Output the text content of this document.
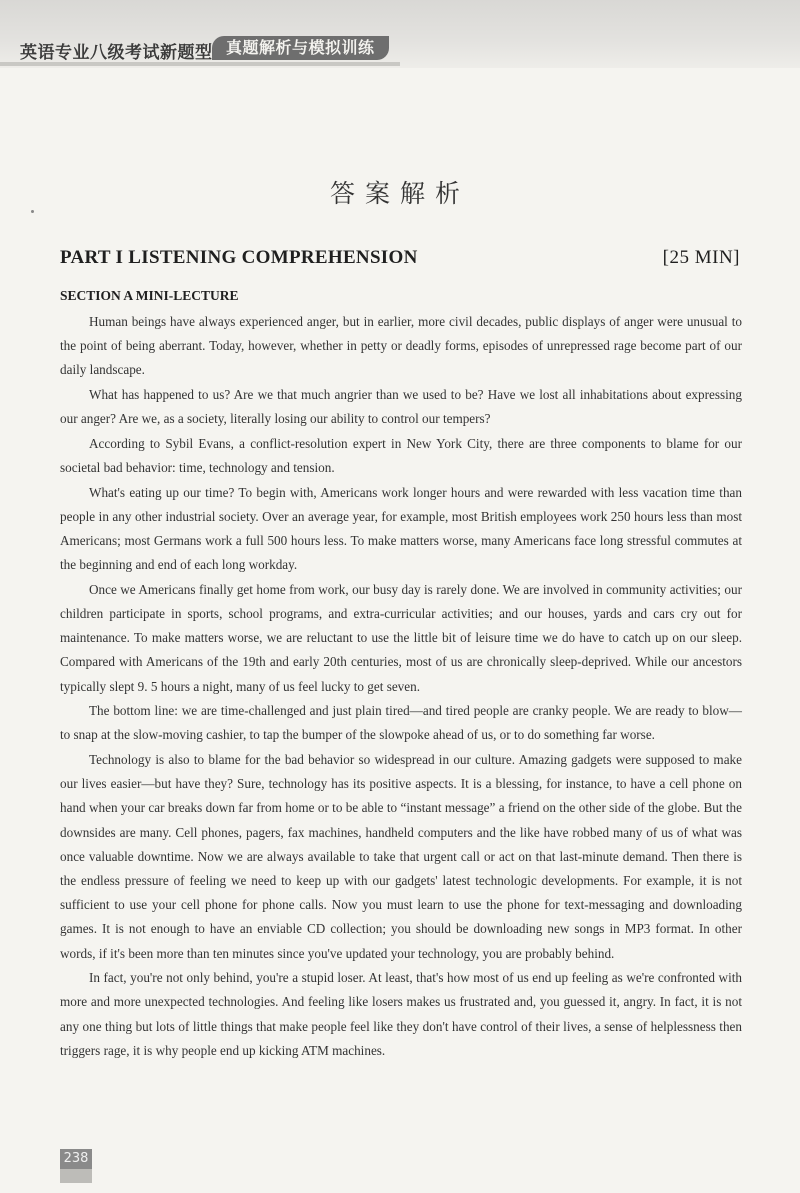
英语专业八级考试新题型 真题解析与模拟训练
答案解析
PART I LISTENING COMPREHENSION	[25 MIN]
SECTION A MINI-LECTURE

Human beings have always experienced anger, but in earlier, more civil decades, public displays of anger were unusual to the point of being aberrant. Today, however, whether in petty or deadly forms, episodes of unrepressed rage become part of our daily landscape.

What has happened to us? Are we that much angrier than we used to be? Have we lost all inhabitations about expressing our anger? Are we, as a society, literally losing our ability to control our tempers?

According to Sybil Evans, a conflict-resolution expert in New York City, there are three components to blame for our societal bad behavior: time, technology and tension.

What's eating up our time? To begin with, Americans work longer hours and were rewarded with less vacation time than people in any other industrial society. Over an average year, for example, most British employees work 250 hours less than most Americans; most Germans work a full 500 hours less. To make matters worse, many Americans face long stressful commutes at the beginning and end of each long workday.

Once we Americans finally get home from work, our busy day is rarely done. We are involved in community activities; our children participate in sports, school programs, and extra-curricular activities; and our houses, yards and cars cry out for maintenance. To make matters worse, we are reluctant to use the little bit of leisure time we do have to catch up on our sleep. Compared with Americans of the 19th and early 20th centuries, most of us are chronically sleep-deprived. While our ancestors typically slept 9. 5 hours a night, many of us feel lucky to get seven.

The bottom line: we are time-challenged and just plain tired—and tired people are cranky people. We are ready to blow—to snap at the slow-moving cashier, to tap the bumper of the slowpoke ahead of us, or to do something far worse.

Technology is also to blame for the bad behavior so widespread in our culture. Amazing gadgets were supposed to make our lives easier—but have they? Sure, technology has its positive aspects. It is a blessing, for instance, to have a cell phone on hand when your car breaks down far from home or to be able to “instant message” a friend on the other side of the globe. But the downsides are many. Cell phones, pagers, fax machines, handheld computers and the like have robbed many of us of what was once valuable downtime. Now we are always available to take that urgent call or act on that last-minute demand. Then there is the endless pressure of feeling we need to keep up with our gadgets' latest technologic developments. For example, it is not sufficient to use your cell phone for phone calls. Now you must learn to use the phone for text-messaging and downloading games. It is not enough to have an enviable CD collection; you should be downloading new songs in MP3 format. In other words, if it's been more than ten minutes since you've updated your technology, you are probably behind.

In fact, you're not only behind, you're a stupid loser. At least, that's how most of us end up feeling as we're confronted with more and more unexpected technologies. And feeling like losers makes us frustrated and, you guessed it, angry. In fact, it is not any one thing but lots of little things that make people feel like they don't have control of their lives, a sense of helplessness then triggers rage, it is why people end up kicking ATM machines.

238
